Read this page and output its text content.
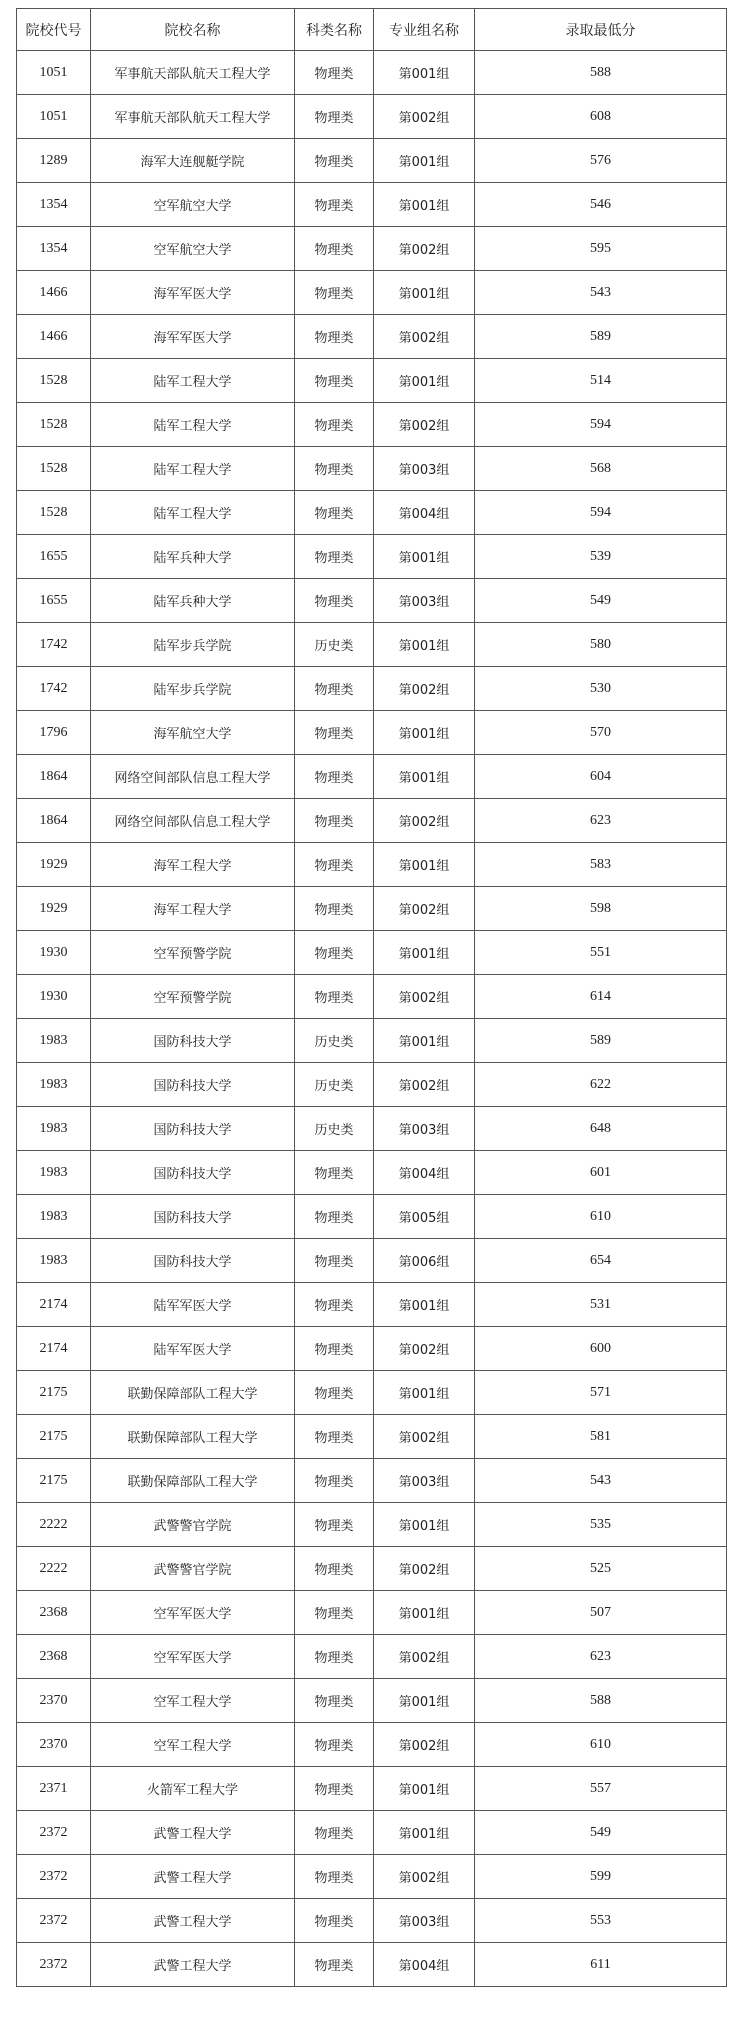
院校代号	院校名称	科类名称	专业组名称	录取最低分
1051	军事航天部队航天工程大学	物理类	第001组	588
1051	军事航天部队航天工程大学	物理类	第002组	608
1289	海军大连舰艇学院	物理类	第001组	576
1354	空军航空大学	物理类	第001组	546
1354	空军航空大学	物理类	第002组	595
1466	海军军医大学	物理类	第001组	543
1466	海军军医大学	物理类	第002组	589
1528	陆军工程大学	物理类	第001组	514
1528	陆军工程大学	物理类	第002组	594
1528	陆军工程大学	物理类	第003组	568
1528	陆军工程大学	物理类	第004组	594
1655	陆军兵种大学	物理类	第001组	539
1655	陆军兵种大学	物理类	第003组	549
1742	陆军步兵学院	历史类	第001组	580
1742	陆军步兵学院	物理类	第002组	530
1796	海军航空大学	物理类	第001组	570
1864	网络空间部队信息工程大学	物理类	第001组	604
1864	网络空间部队信息工程大学	物理类	第002组	623
1929	海军工程大学	物理类	第001组	583
1929	海军工程大学	物理类	第002组	598
1930	空军预警学院	物理类	第001组	551
1930	空军预警学院	物理类	第002组	614
1983	国防科技大学	历史类	第001组	589
1983	国防科技大学	历史类	第002组	622
1983	国防科技大学	历史类	第003组	648
1983	国防科技大学	物理类	第004组	601
1983	国防科技大学	物理类	第005组	610
1983	国防科技大学	物理类	第006组	654
2174	陆军军医大学	物理类	第001组	531
2174	陆军军医大学	物理类	第002组	600
2175	联勤保障部队工程大学	物理类	第001组	571
2175	联勤保障部队工程大学	物理类	第002组	581
2175	联勤保障部队工程大学	物理类	第003组	543
2222	武警警官学院	物理类	第001组	535
2222	武警警官学院	物理类	第002组	525
2368	空军军医大学	物理类	第001组	507
2368	空军军医大学	物理类	第002组	623
2370	空军工程大学	物理类	第001组	588
2370	空军工程大学	物理类	第002组	610
2371	火箭军工程大学	物理类	第001组	557
2372	武警工程大学	物理类	第001组	549
2372	武警工程大学	物理类	第002组	599
2372	武警工程大学	物理类	第003组	553
2372	武警工程大学	物理类	第004组	611
